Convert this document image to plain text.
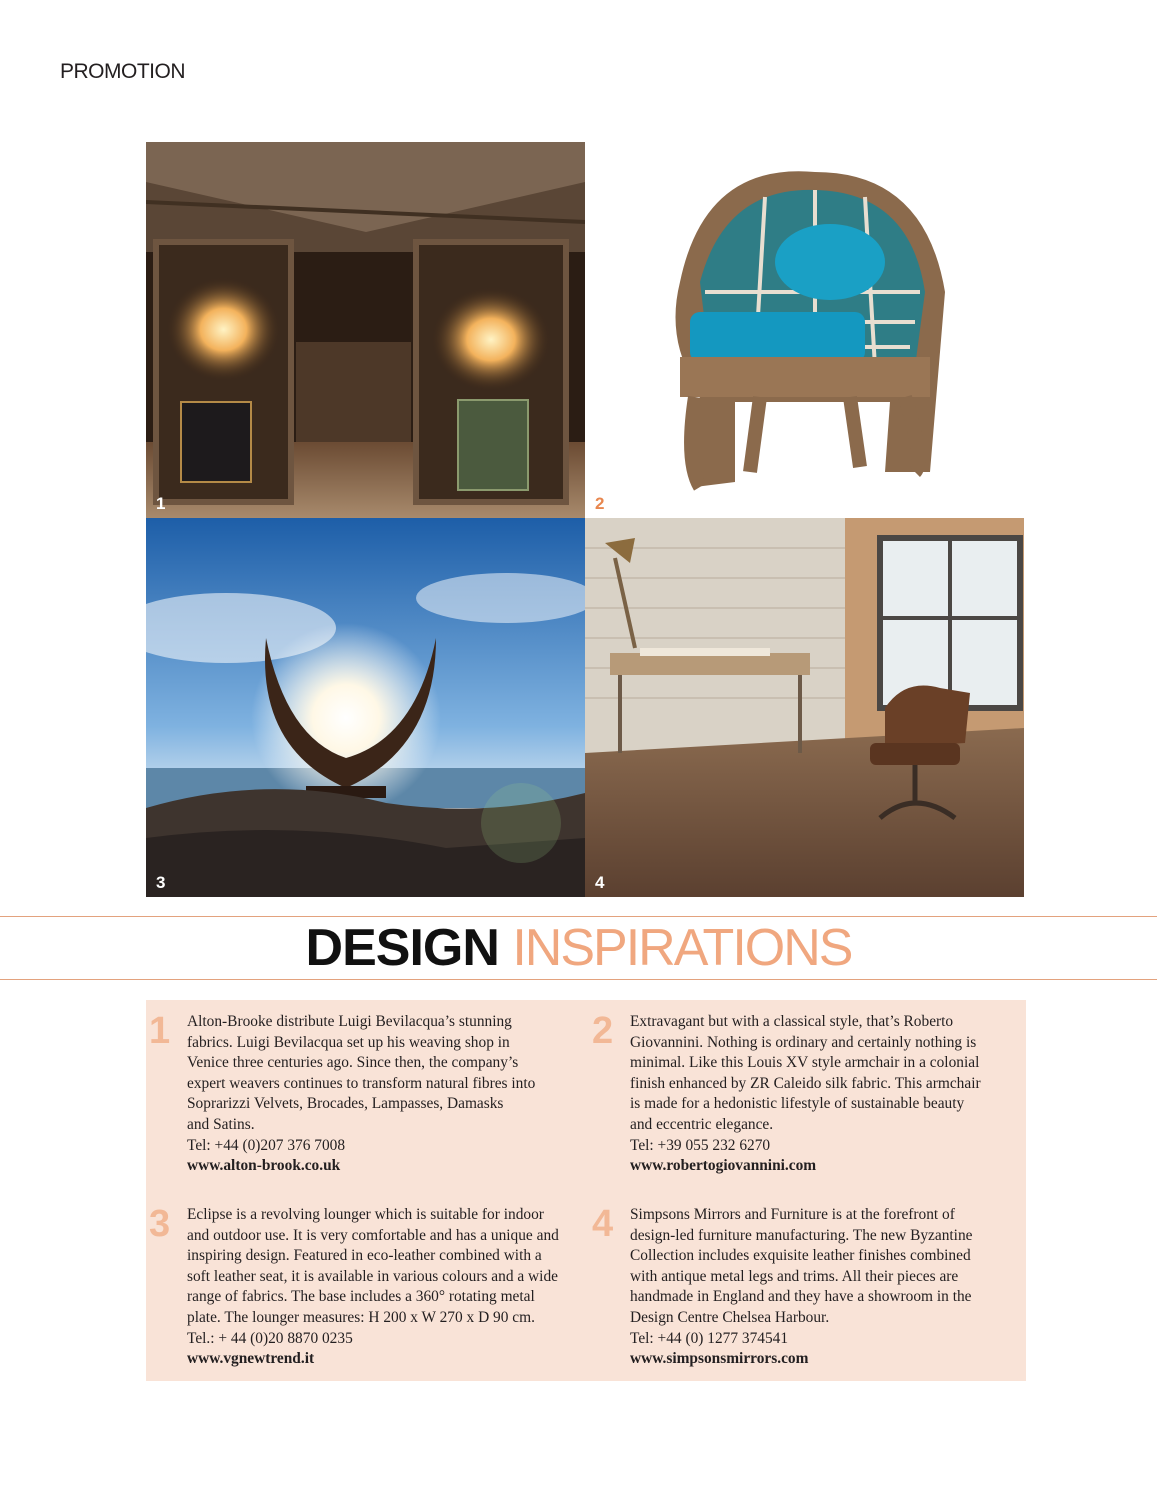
PROMOTION
1	2
3	4
DESIGN INSPIRATIONS
1 Alton-Brooke distribute Luigi Bevilacqua’s stunning

fabrics. Luigi Bevilacqua set up his weaving shop in

Venice three centuries ago. Since then, the company’s

expert weavers continues to transform natural fibres into

Soprarizzi Velvets, Brocades, Lampasses, Damasks

and Satins.

Tel: +44 (0)207 376 7008

www.alton-brook.co.uk

2 Extravagant but with a classical style, that’s Roberto

Giovannini. Nothing is ordinary and certainly nothing is

minimal. Like this Louis XV style armchair in a colonial

finish enhanced by ZR Caleido silk fabric. This armchair

is made for a hedonistic lifestyle of sustainable beauty

and eccentric elegance.

Tel: +39 055 232 6270

www.robertogiovannini.com

3 Eclipse is a revolving lounger which is suitable for indoor

and outdoor use. It is very comfortable and has a unique and

inspiring design. Featured in eco-leather combined with a

soft leather seat, it is available in various colours and a wide

range of fabrics. The base includes a 360° rotating metal

plate. The lounger measures: H 200 x W 270 x D 90 cm.

Tel.: + 44 (0)20 8870 0235

www.vgnewtrend.it

4 Simpsons Mirrors and Furniture is at the forefront of

design-led furniture manufacturing. The new Byzantine

Collection includes exquisite leather finishes combined

with antique metal legs and trims. All their pieces are

handmade in England and they have a showroom in the

Design Centre Chelsea Harbour.

Tel: +44 (0) 1277 374541

www.simpsonsmirrors.com
